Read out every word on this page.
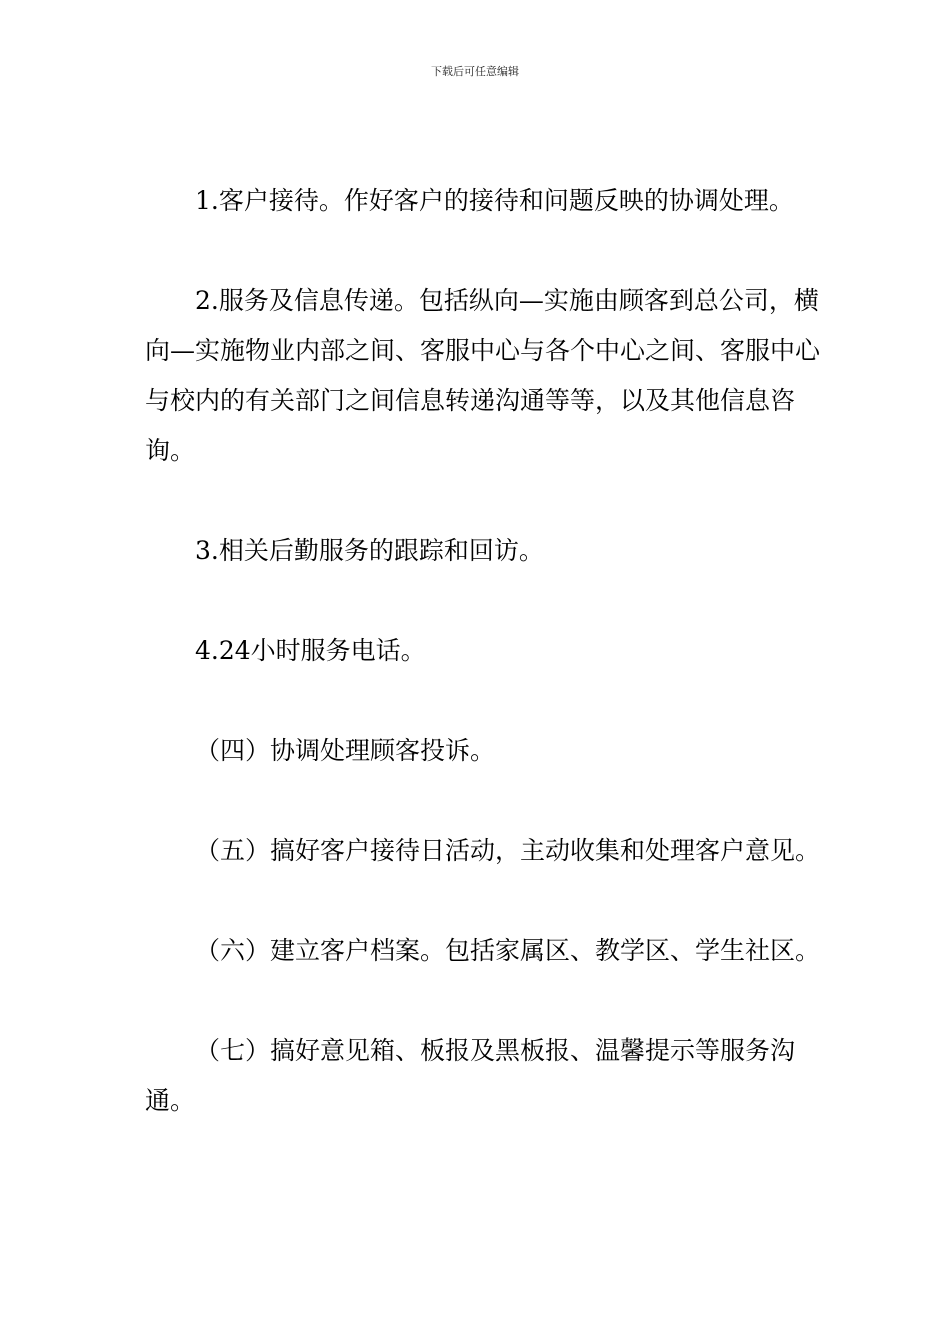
下载后可任意编辑

1.客户接待。作好客户的接待和问题反映的协调处理。

2.服务及信息传递。包括纵向—实施由顾客到总公司，横向—实施物业内部之间、客服中心与各个中心之间、客服中心与校内的有关部门之间信息转递沟通等等，以及其他信息咨询。

3.相关后勤服务的跟踪和回访。

4.24小时服务电话。

（四）协调处理顾客投诉。

（五）搞好客户接待日活动，主动收集和处理客户意见。

（六）建立客户档案。包括家属区、教学区、学生社区。

（七）搞好意见箱、板报及黑板报、温馨提示等服务沟通。
